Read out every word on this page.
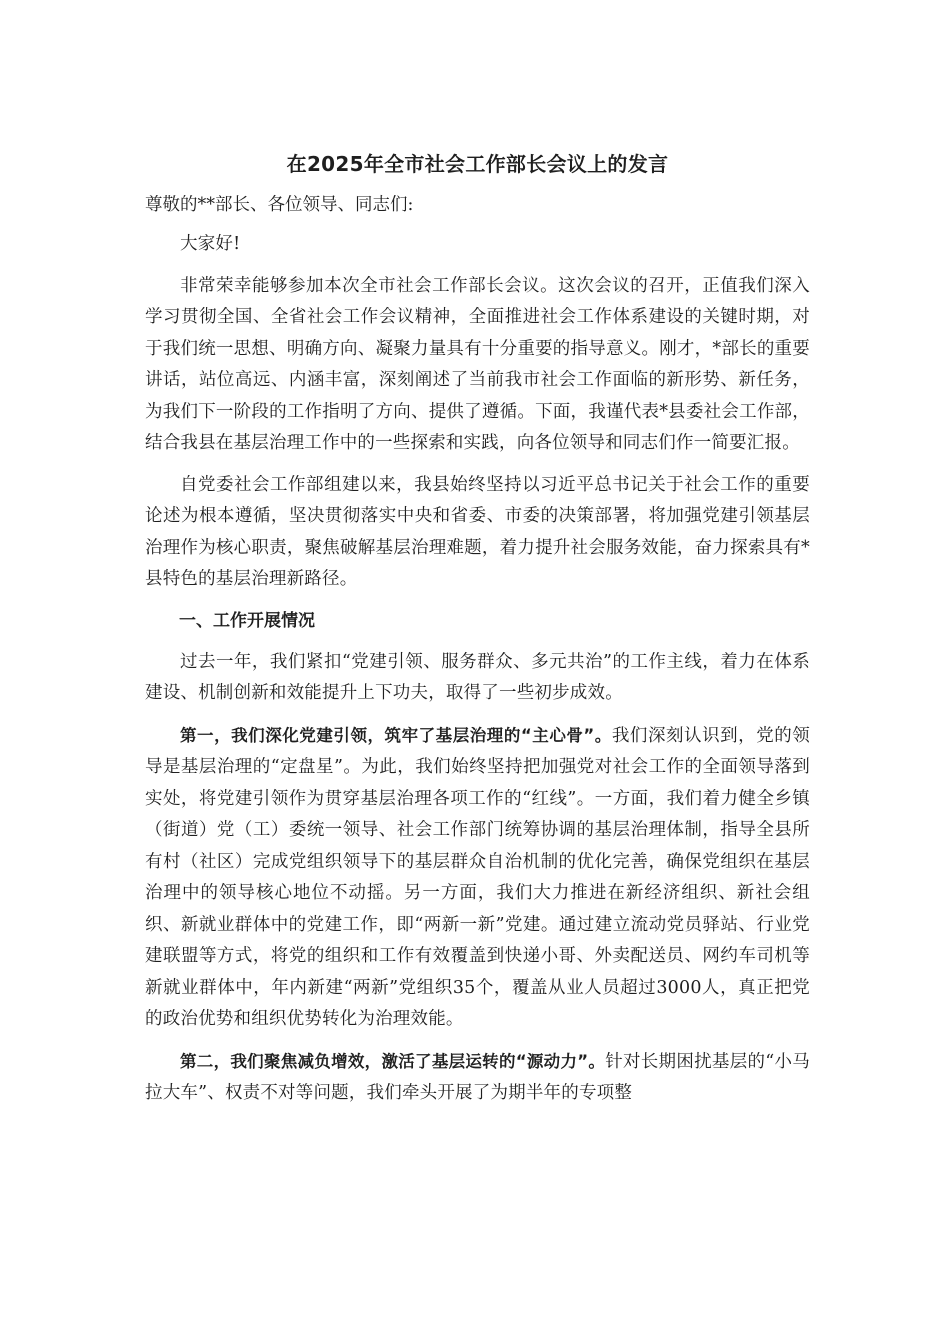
在2025年全市社会工作部长会议上的发言
尊敬的**部长、各位领导、同志们:

大家好!

非常荣幸能够参加本次全市社会工作部长会议。这次会议的召开，正值我们深入学习贯彻全国、全省社会工作会议精神，全面推进社会工作体系建设的关键时期，对于我们统一思想、明确方向、凝聚力量具有十分重要的指导意义。刚才，*部长的重要讲话，站位高远、内涵丰富，深刻阐述了当前我市社会工作面临的新形势、新任务，为我们下一阶段的工作指明了方向、提供了遵循。下面，我谨代表*县委社会工作部，结合我县在基层治理工作中的一些探索和实践，向各位领导和同志们作一简要汇报。

自党委社会工作部组建以来，我县始终坚持以习近平总书记关于社会工作的重要论述为根本遵循，坚决贯彻落实中央和省委、市委的决策部署，将加强党建引领基层治理作为核心职责，聚焦破解基层治理难题，着力提升社会服务效能，奋力探索具有*县特色的基层治理新路径。

一、工作开展情况

过去一年，我们紧扣“党建引领、服务群众、多元共治”的工作主线，着力在体系建设、机制创新和效能提升上下功夫，取得了一些初步成效。

第一，我们深化党建引领，筑牢了基层治理的“主心骨”。我们深刻认识到，党的领导是基层治理的“定盘星”。为此，我们始终坚持把加强党对社会工作的全面领导落到实处，将党建引领作为贯穿基层治理各项工作的“红线”。一方面，我们着力健全乡镇（街道）党（工）委统一领导、社会工作部门统筹协调的基层治理体制，指导全县所有村（社区）完成党组织领导下的基层群众自治机制的优化完善，确保党组织在基层治理中的领导核心地位不动摇。另一方面，我们大力推进在新经济组织、新社会组织、新就业群体中的党建工作，即“两新一新”党建。通过建立流动党员驿站、行业党建联盟等方式，将党的组织和工作有效覆盖到快递小哥、外卖配送员、网约车司机等新就业群体中，年内新建“两新”党组织35个，覆盖从业人员超过3000人，真正把党的政治优势和组织优势转化为治理效能。

第二，我们聚焦减负增效，激活了基层运转的“源动力”。针对长期困扰基层的“小马拉大车”、权责不对等问题，我们牵头开展了为期半年的专项整
